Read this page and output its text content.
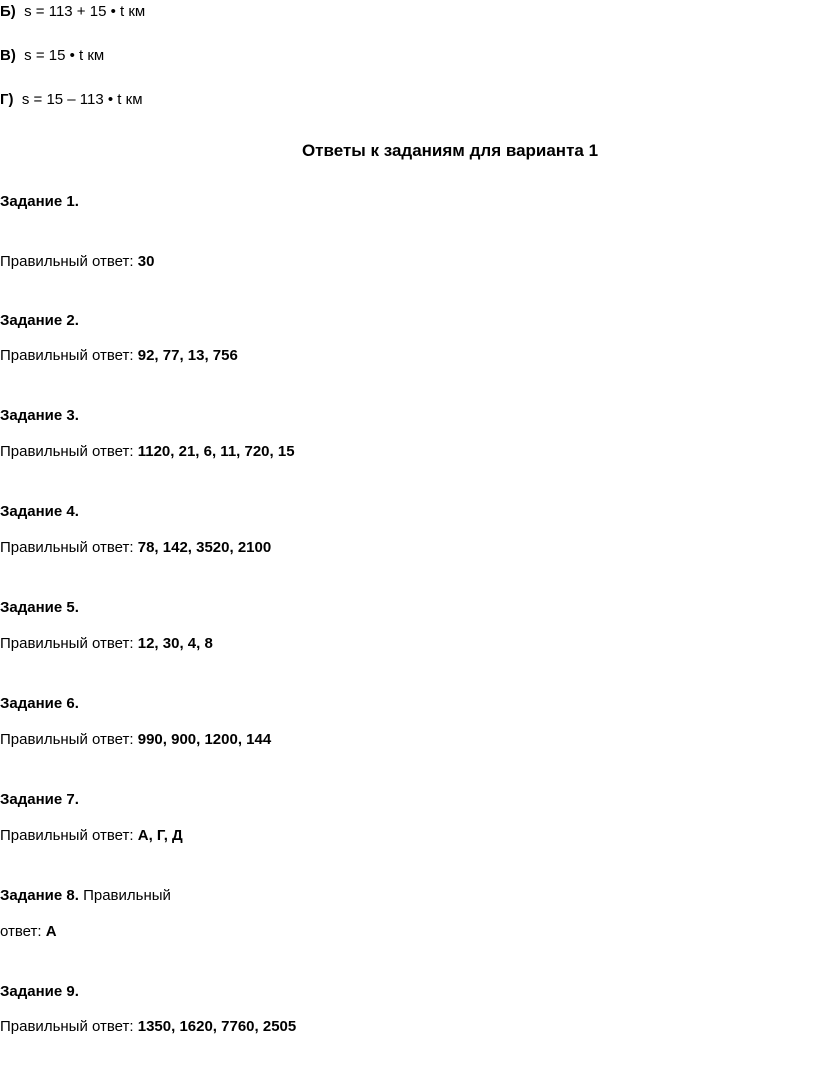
Б) s = 113 + 15 • t км
В) s = 15 • t км
Г) s = 15 – 113 • t км
Ответы к заданиям для варианта 1
Задание 1.
Правильный ответ: 30
Задание 2.
Правильный ответ: 92, 77, 13, 756
Задание 3.
Правильный ответ: 1120, 21, 6, 11, 720, 15
Задание 4.
Правильный ответ: 78, 142, 3520, 2100
Задание 5.
Правильный ответ: 12, 30, 4, 8
Задание 6.
Правильный ответ: 990, 900, 1200, 144
Задание 7.
Правильный ответ: А, Г, Д
Задание 8. Правильный
ответ: А
Задание 9.
Правильный ответ: 1350, 1620, 7760, 2505
